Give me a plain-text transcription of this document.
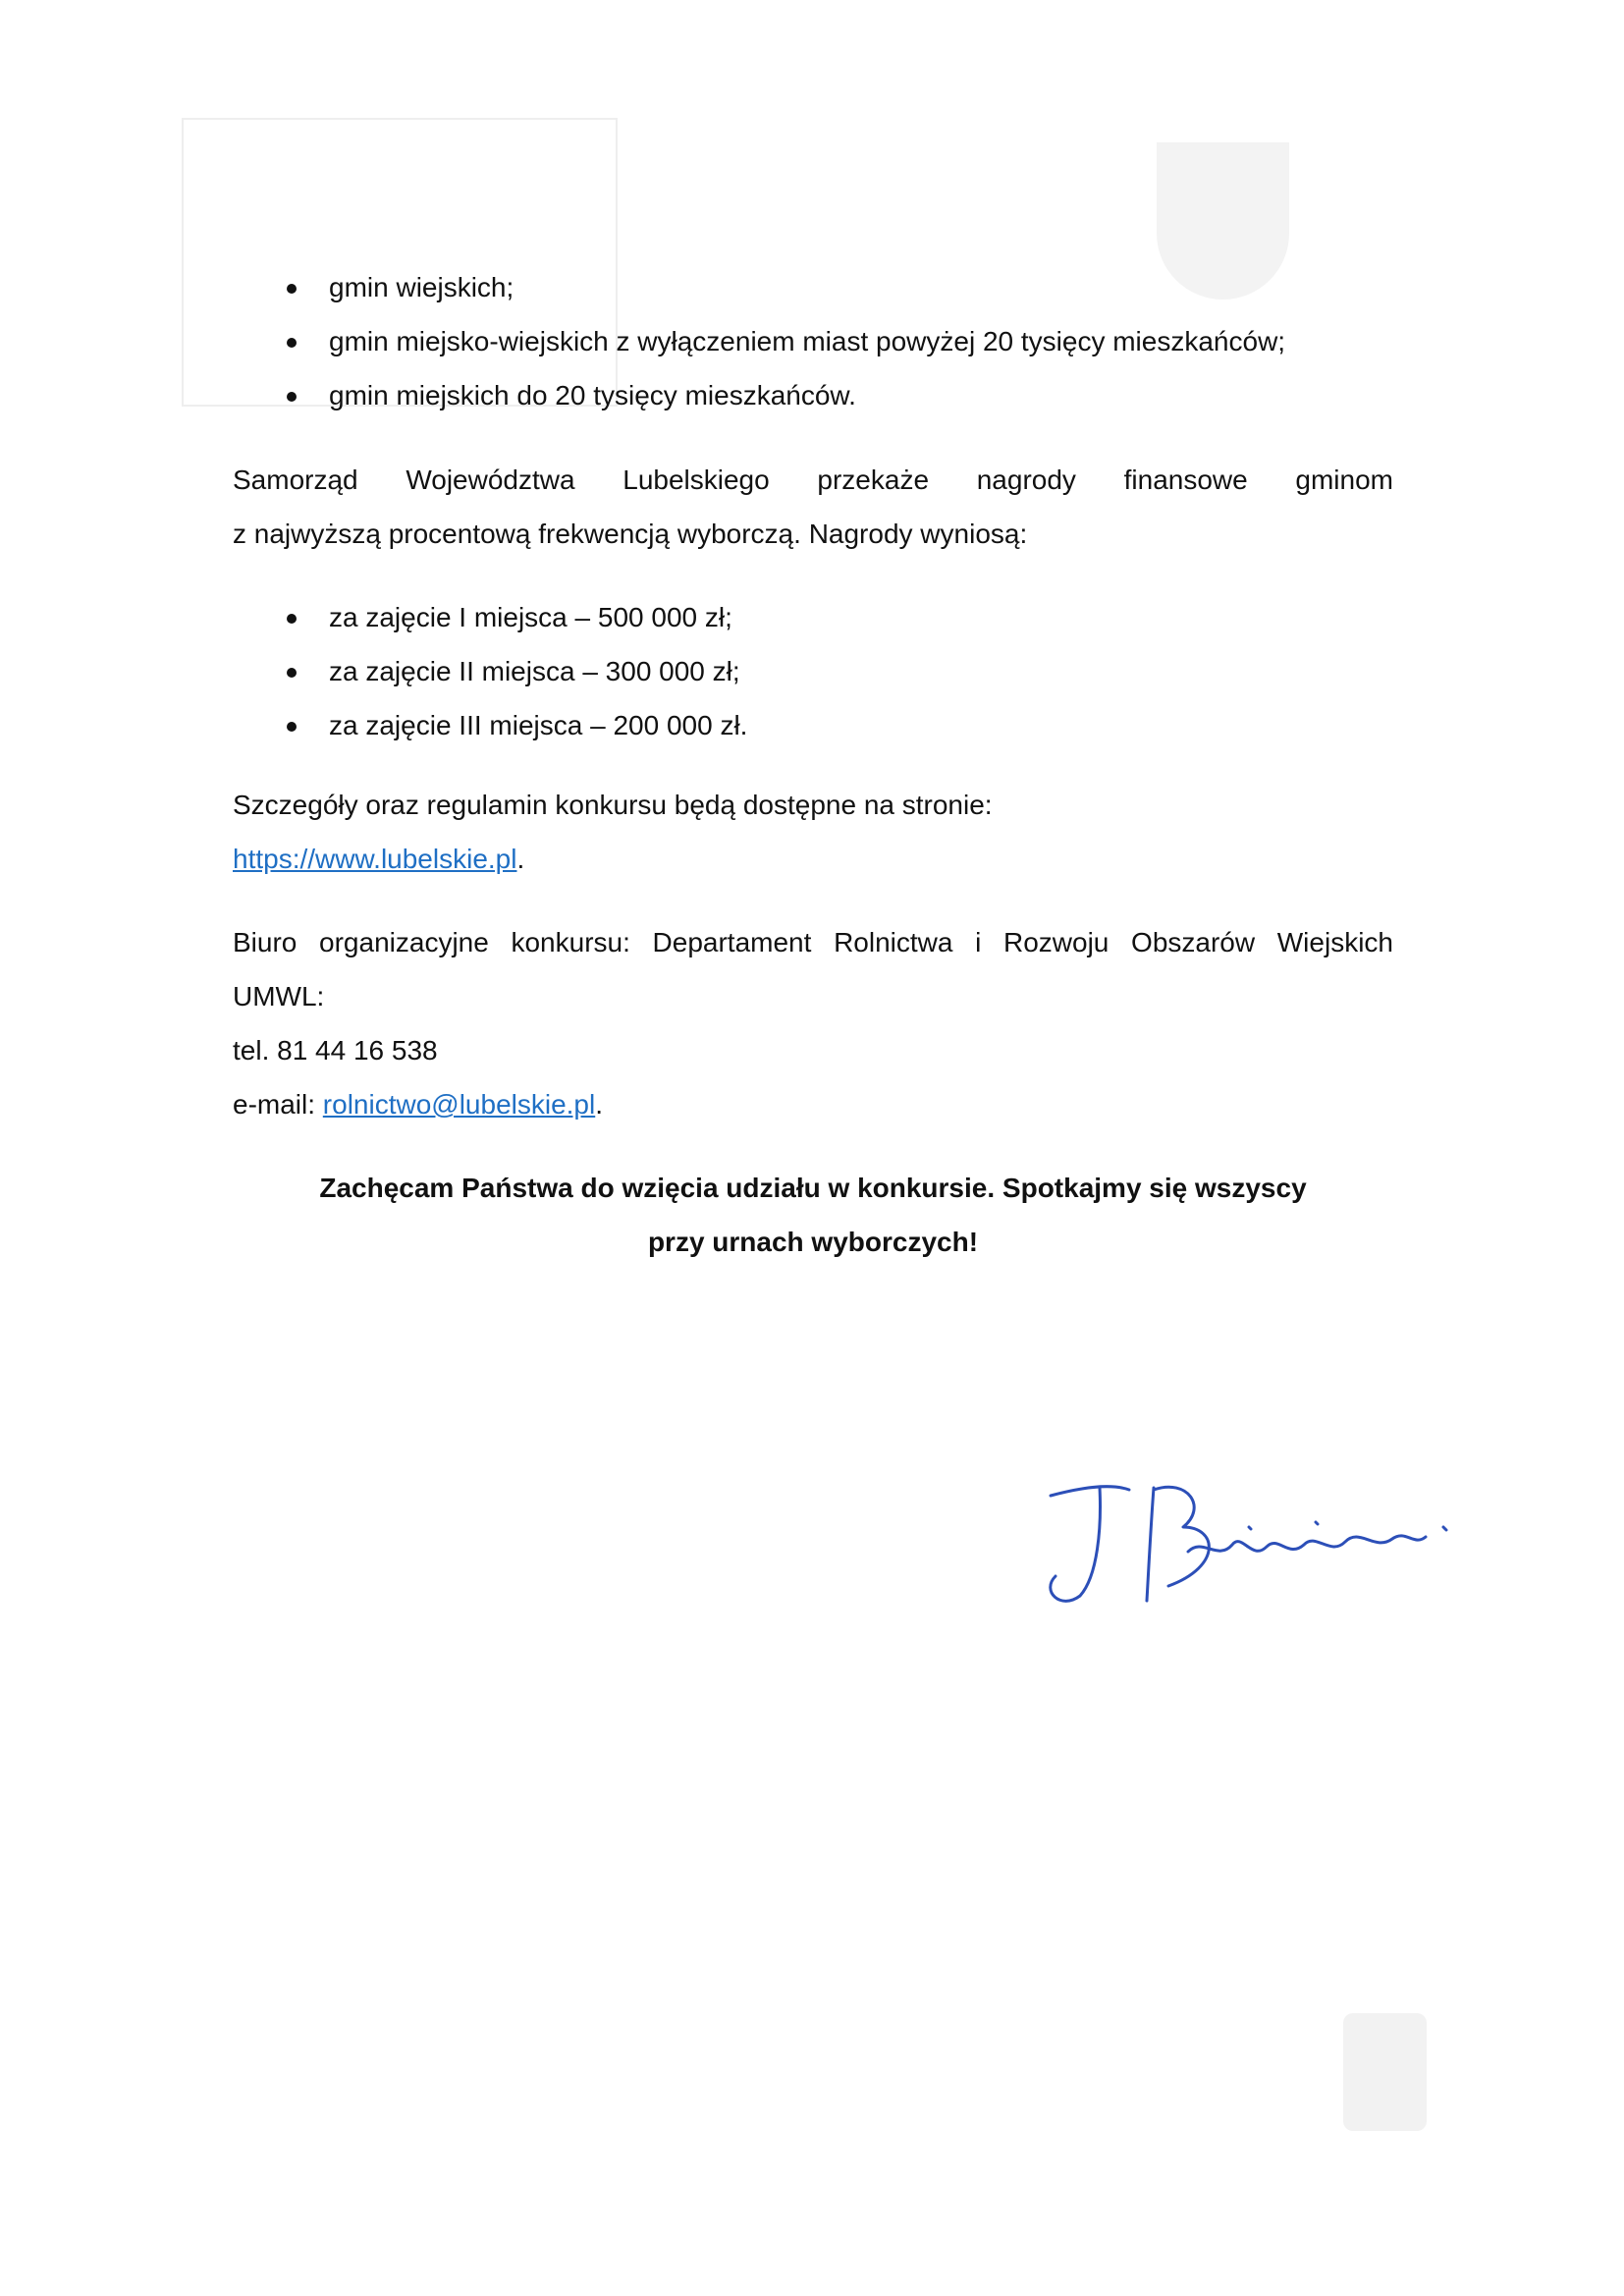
gmin wiejskich;
gmin miejsko-wiejskich z wyłączeniem miast powyżej 20 tysięcy mieszkańców;
gmin miejskich do 20 tysięcy mieszkańców.

Samorząd Województwa Lubelskiego przekaże nagrody finansowe gminom
z najwyższą procentową frekwencją wyborczą. Nagrody wyniosą:

za zajęcie I miejsca – 500 000 zł;
za zajęcie II miejsca – 300 000 zł;
za zajęcie III miejsca – 200 000 zł.

Szczegóły oraz regulamin konkursu będą dostępne na stronie:
https://www.lubelskie.pl.

Biuro organizacyjne konkursu: Departament Rolnictwa i Rozwoju Obszarów Wiejskich
UMWL:
tel. 81 44 16 538
e-mail: rolnictwo@lubelskie.pl.

Zachęcam Państwa do wzięcia udziału w konkursie. Spotkajmy się wszyscy
przy urnach wyborczych!
